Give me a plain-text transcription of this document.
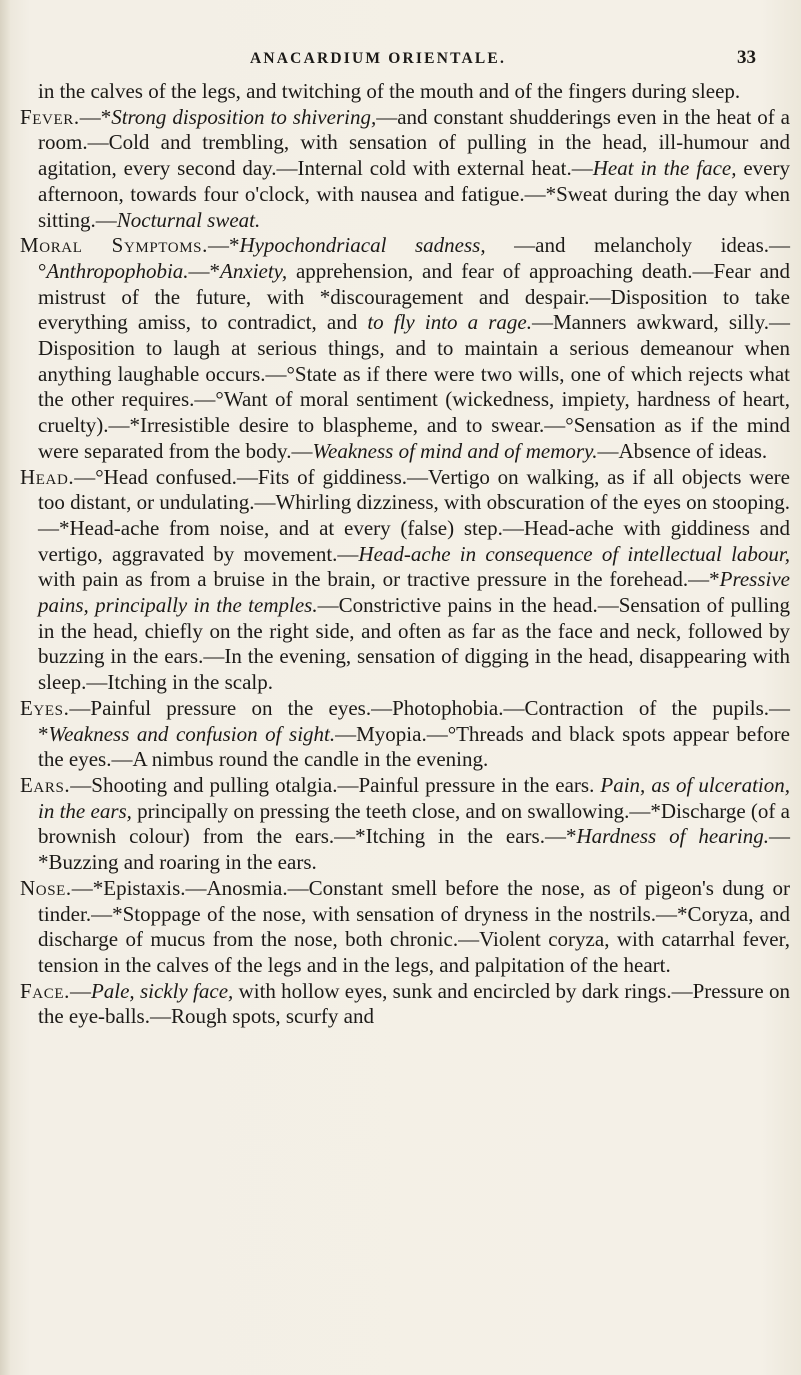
ANACARDIUM ORIENTALE.	33

in the calves of the legs, and twitching of the mouth and of the fingers during sleep.

Fever.—*Strong disposition to shivering,—and constant shudderings even in the heat of a room.—Cold and trembling, with sensation of pulling in the head, ill-humour and agitation, every second day.—Internal cold with external heat.—Heat in the face, every afternoon, towards four o'clock, with nausea and fatigue.—*Sweat during the day when sitting.—Nocturnal sweat.

Moral Symptoms.—*Hypochondriacal sadness, —and melancholy ideas.—°Anthropophobia.—*Anxiety, apprehension, and fear of approaching death.—Fear and mistrust of the future, with *discouragement and despair.—Disposition to take everything amiss, to contradict, and to fly into a rage.—Manners awkward, silly.—Disposition to laugh at serious things, and to maintain a serious demeanour when anything laughable occurs.—°State as if there were two wills, one of which rejects what the other requires.—°Want of moral sentiment (wickedness, impiety, hardness of heart, cruelty).—*Irresistible desire to blaspheme, and to swear.—°Sensation as if the mind were separated from the body.—Weakness of mind and of memory.—Absence of ideas.

Head.—°Head confused.—Fits of giddiness.—Vertigo on walking, as if all objects were too distant, or undulating.—Whirling dizziness, with obscuration of the eyes on stooping.—*Head-ache from noise, and at every (false) step.—Head-ache with giddiness and vertigo, aggravated by movement.—Head-ache in consequence of intellectual labour, with pain as from a bruise in the brain, or tractive pressure in the forehead.—*Pressive pains, principally in the temples.—Constrictive pains in the head.—Sensation of pulling in the head, chiefly on the right side, and often as far as the face and neck, followed by buzzing in the ears.—In the evening, sensation of digging in the head, disappearing with sleep.—Itching in the scalp.

Eyes.—Painful pressure on the eyes.—Photophobia.—Contraction of the pupils.—*Weakness and confusion of sight.—Myopia.—°Threads and black spots appear before the eyes.—A nimbus round the candle in the evening.

Ears.—Shooting and pulling otalgia.—Painful pressure in the ears. Pain, as of ulceration, in the ears, principally on pressing the teeth close, and on swallowing.—*Discharge (of a brownish colour) from the ears.—*Itching in the ears.—*Hardness of hearing.—*Buzzing and roaring in the ears.

Nose.—*Epistaxis.—Anosmia.—Constant smell before the nose, as of pigeon's dung or tinder.—*Stoppage of the nose, with sensation of dryness in the nostrils.—*Coryza, and discharge of mucus from the nose, both chronic.—Violent coryza, with catarrhal fever, tension in the calves of the legs and in the legs, and palpitation of the heart.

Face.—Pale, sickly face, with hollow eyes, sunk and encircled by dark rings.—Pressure on the eye-balls.—Rough spots, scurfy and
